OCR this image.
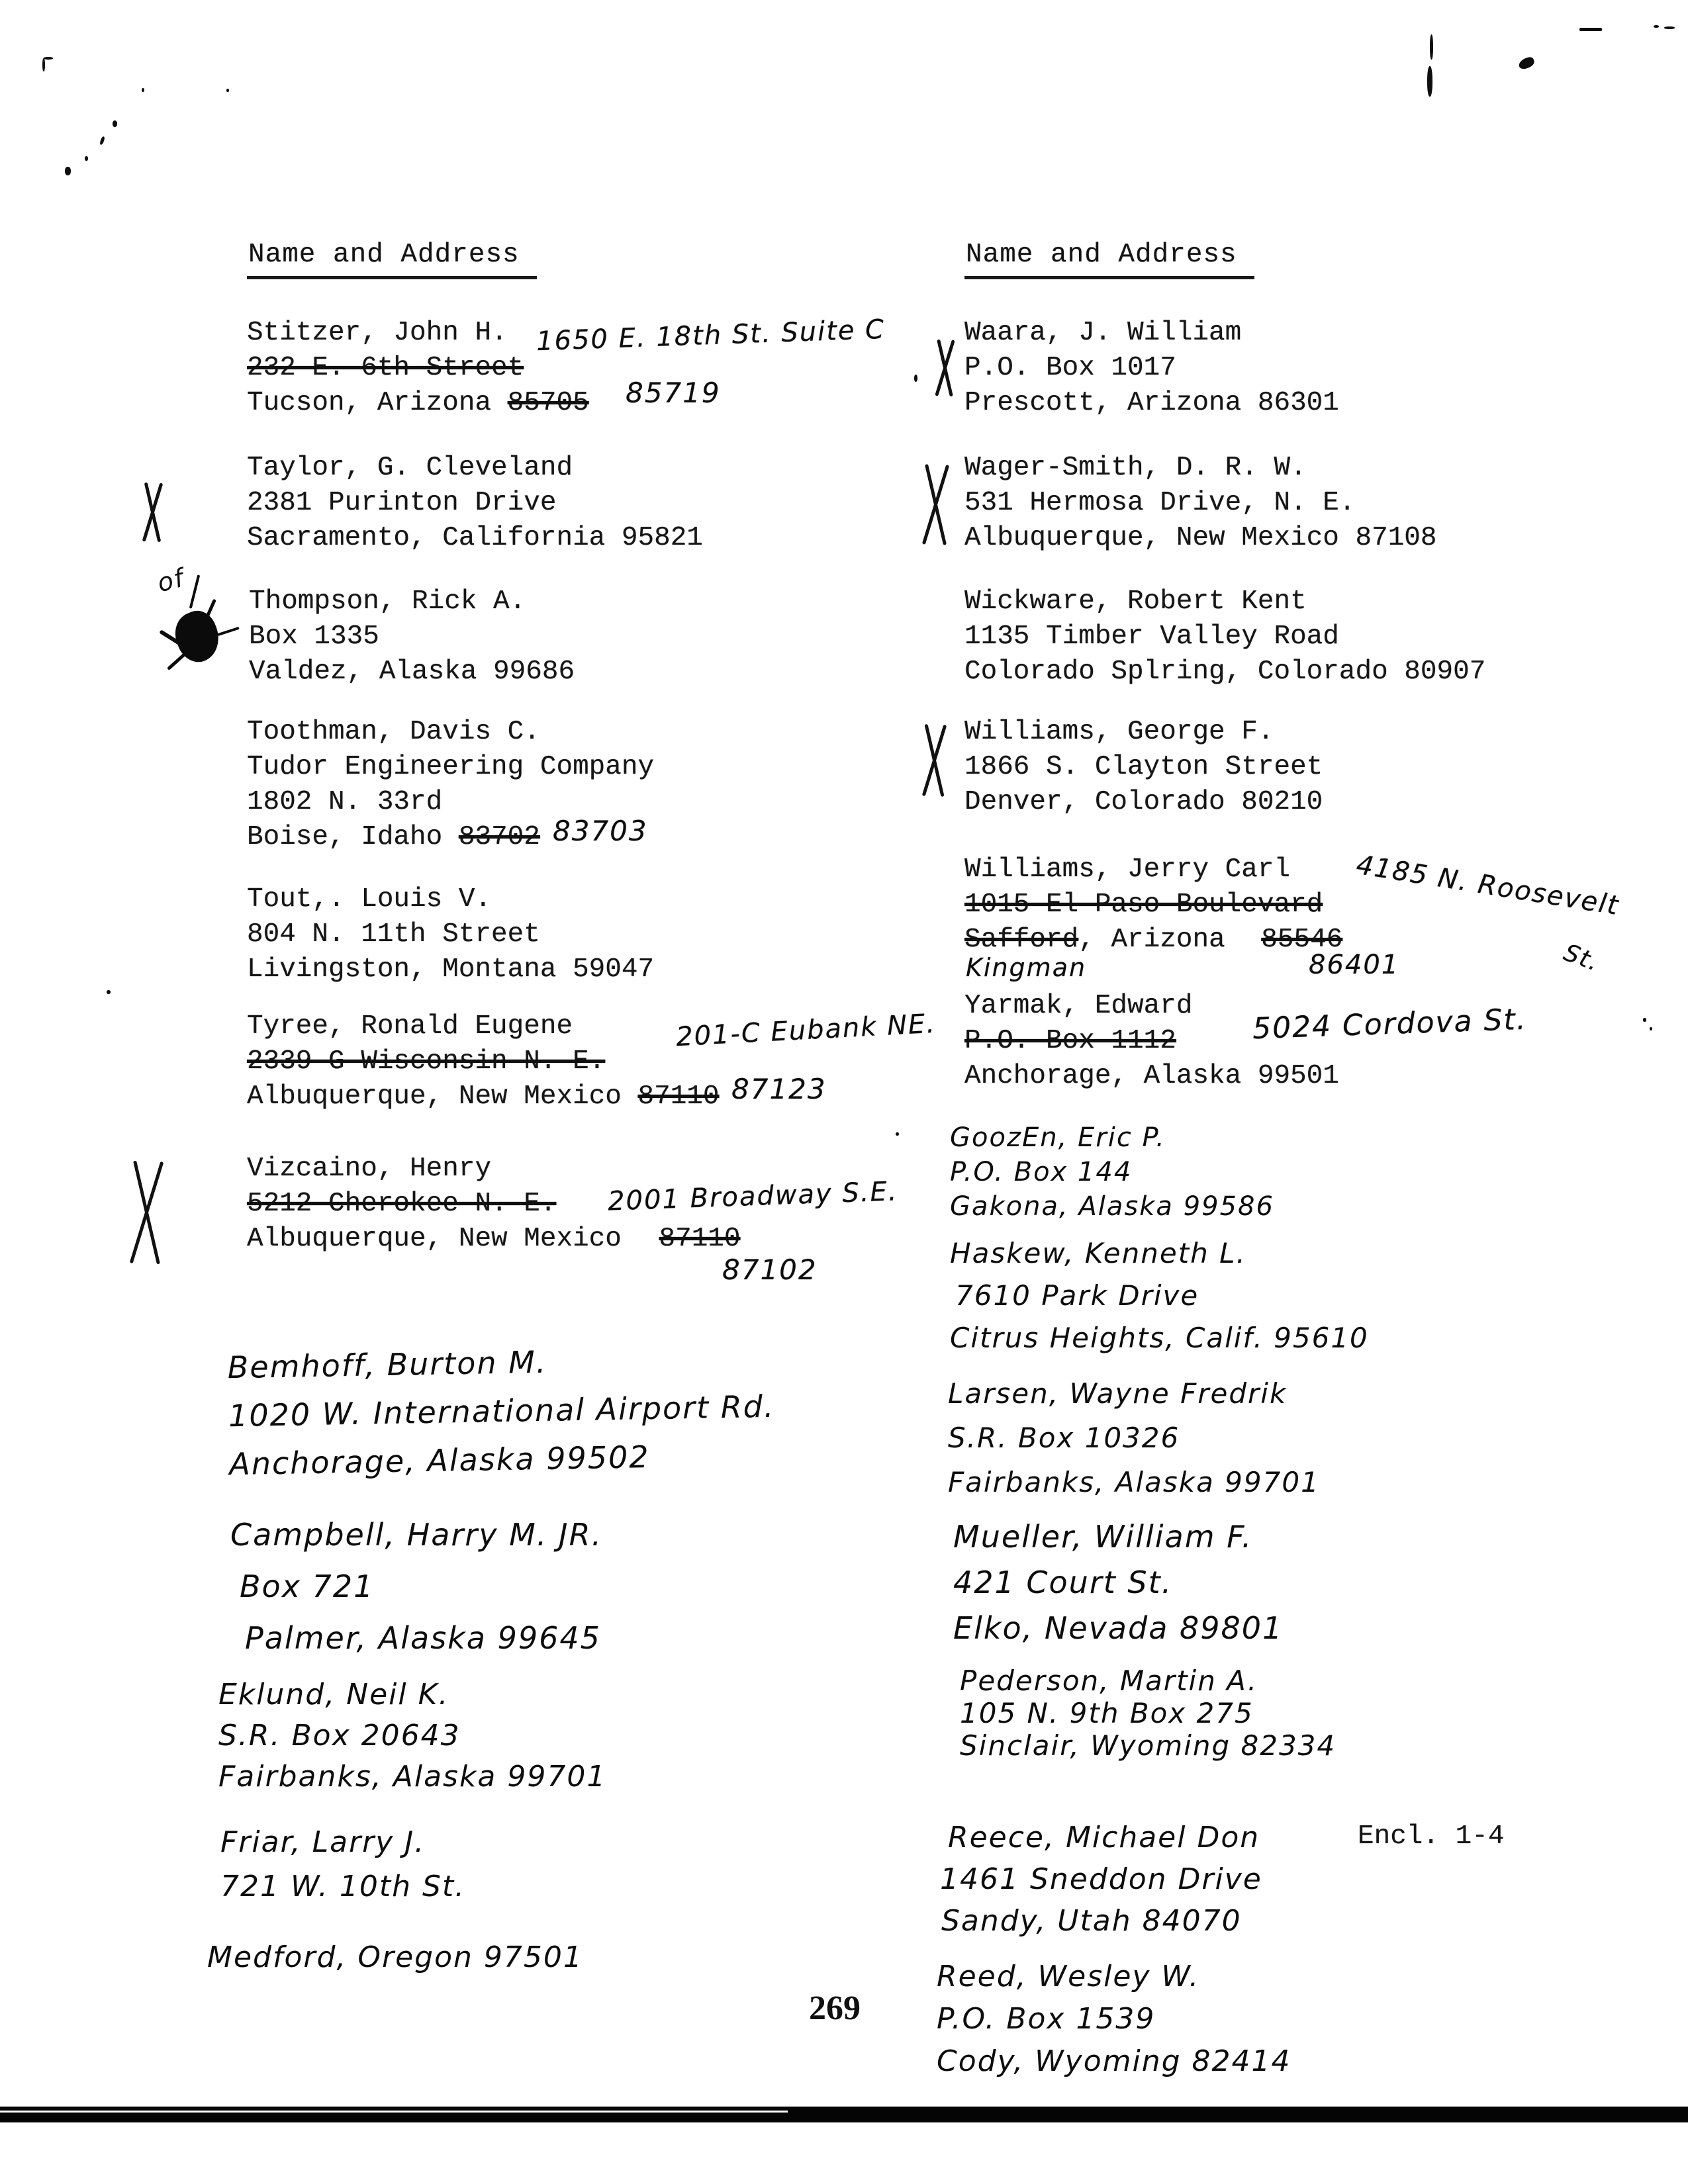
Name and Address	Name and Address
Stitzer, John H.
232 E. 6th Street
Tucson, Arizona 85705
1650 E. 18th St. Suite C
85719
Taylor, G. Cleveland
2381 Purinton Drive
Sacramento, California 95821
of
Thompson, Rick A.
Box 1335
Valdez, Alaska 99686
Toothman, Davis C.
Tudor Engineering Company
1802 N. 33rd
Boise, Idaho 83702 83703
Tout,. Louis V.
804 N. 11th Street
Livingston, Montana 59047
Tyree, Ronald Eugene
2339 G Wisconsin N. E.
Albuquerque, New Mexico 87110
201-C Eubank NE.
87123
Vizcaino, Henry
5212 Cherokee N. E.
Albuquerque, New Mexico 87110
2001 Broadway S.E.
87102
Bemhoff, Burton M.
1020 W. International Airport Rd.
Anchorage, Alaska 99502
Campbell, Harry M. JR.
Box 721
Palmer, Alaska 99645
Eklund, Neil K.
S.R. Box 20643
Fairbanks, Alaska 99701
Friar, Larry J.
721 W. 10th St.
Medford, Oregon 97501
Waara, J. William
P.O. Box 1017
Prescott, Arizona 86301
Wager-Smith, D. R. W.
531 Hermosa Drive, N. E.
Albuquerque, New Mexico 87108
Wickware, Robert Kent
1135 Timber Valley Road
Colorado Splring, Colorado 80907
Williams, George F.
1866 S. Clayton Street
Denver, Colorado 80210
Williams, Jerry Carl
1015 El Paso Boulevard
Safford, Arizona 85546
4185 N. Roosevelt
St.
Kingman	86401
Yarmak, Edward
P.O. Box 1112
Anchorage, Alaska 99501
5024 Cordova St.
GoozEn, Eric P.
P.O. Box 144
Gakona, Alaska 99586
Haskew, Kenneth L.
7610 Park Drive
Citrus Heights, Calif. 95610
Larsen, Wayne Fredrik
S.R. Box 10326
Fairbanks, Alaska 99701
Mueller, William F.
421 Court St.
Elko, Nevada 89801
Pederson, Martin A.
105 N. 9th Box 275
Sinclair, Wyoming 82334
Reece, Michael Don
1461 Sneddon Drive
Sandy, Utah 84070
Encl. 1-4
Reed, Wesley W.
P.O. Box 1539
Cody, Wyoming 82414
269
